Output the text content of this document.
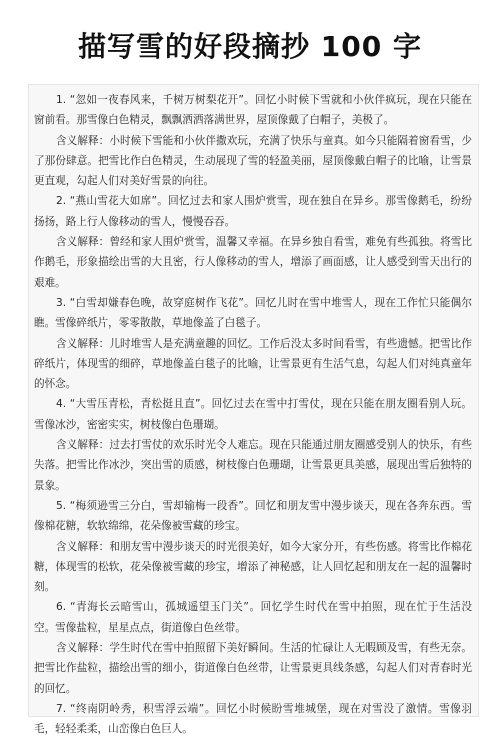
描写雪的好段摘抄 100 字

1. “忽如一夜春风来，千树万树梨花开”。回忆小时候下雪就和小伙伴疯玩，现在只能在窗前看。那雪像白色精灵，飘飘洒洒落满世界，屋顶像戴了白帽子，美极了。

含义解释：小时候下雪能和小伙伴撒欢玩，充满了快乐与童真。如今只能隔着窗看雪，少了那份肆意。把雪比作白色精灵，生动展现了雪的轻盈美丽，屋顶像戴白帽子的比喻，让雪景更直观，勾起人们对美好雪景的向往。

2. “燕山雪花大如席”。回忆过去和家人围炉赏雪，现在独自在异乡。那雪像鹅毛，纷纷扬扬，路上行人像移动的雪人，慢慢吞吞。

含义解释：曾经和家人围炉赏雪，温馨又幸福。在异乡独自看雪，难免有些孤独。将雪比作鹅毛，形象描绘出雪的大且密，行人像移动的雪人，增添了画面感，让人感受到雪天出行的艰难。

3. “白雪却嫌春色晚，故穿庭树作飞花”。回忆儿时在雪中堆雪人，现在工作忙只能偶尔瞧。雪像碎纸片，零零散散，草地像盖了白毯子。

含义解释：儿时堆雪人是充满童趣的回忆。工作后没太多时间看雪，有些遗憾。把雪比作碎纸片，体现雪的细碎，草地像盖白毯子的比喻，让雪景更有生活气息，勾起人们对纯真童年的怀念。

4. “大雪压青松，青松挺且直”。回忆过去在雪中打雪仗，现在只能在朋友圈看别人玩。雪像冰沙，密密实实，树枝像白色珊瑚。

含义解释：过去打雪仗的欢乐时光令人难忘。现在只能通过朋友圈感受别人的快乐，有些失落。把雪比作冰沙，突出雪的质感，树枝像白色珊瑚，让雪景更具美感，展现出雪后独特的景象。

5. “梅须逊雪三分白，雪却输梅一段香”。回忆和朋友雪中漫步谈天，现在各奔东西。雪像棉花糖，软软绵绵，花朵像被雪藏的珍宝。

含义解释：和朋友雪中漫步谈天的时光很美好，如今大家分开，有些伤感。将雪比作棉花糖，体现雪的松软，花朵像被雪藏的珍宝，增添了神秘感，让人回忆起和朋友在一起的温馨时刻。

6. “青海长云暗雪山，孤城遥望玉门关”。回忆学生时代在雪中拍照，现在忙于生活没空。雪像盐粒，星星点点，街道像白色丝带。

含义解释：学生时代在雪中拍照留下美好瞬间。生活的忙碌让人无暇顾及雪，有些无奈。把雪比作盐粒，描绘出雪的细小，街道像白色丝带，让雪景更具线条感，勾起人们对青春时光的回忆。

7. “终南阴岭秀，积雪浮云端”。回忆小时候盼雪堆城堡，现在对雪没了激情。雪像羽毛，轻轻柔柔，山峦像白色巨人。
